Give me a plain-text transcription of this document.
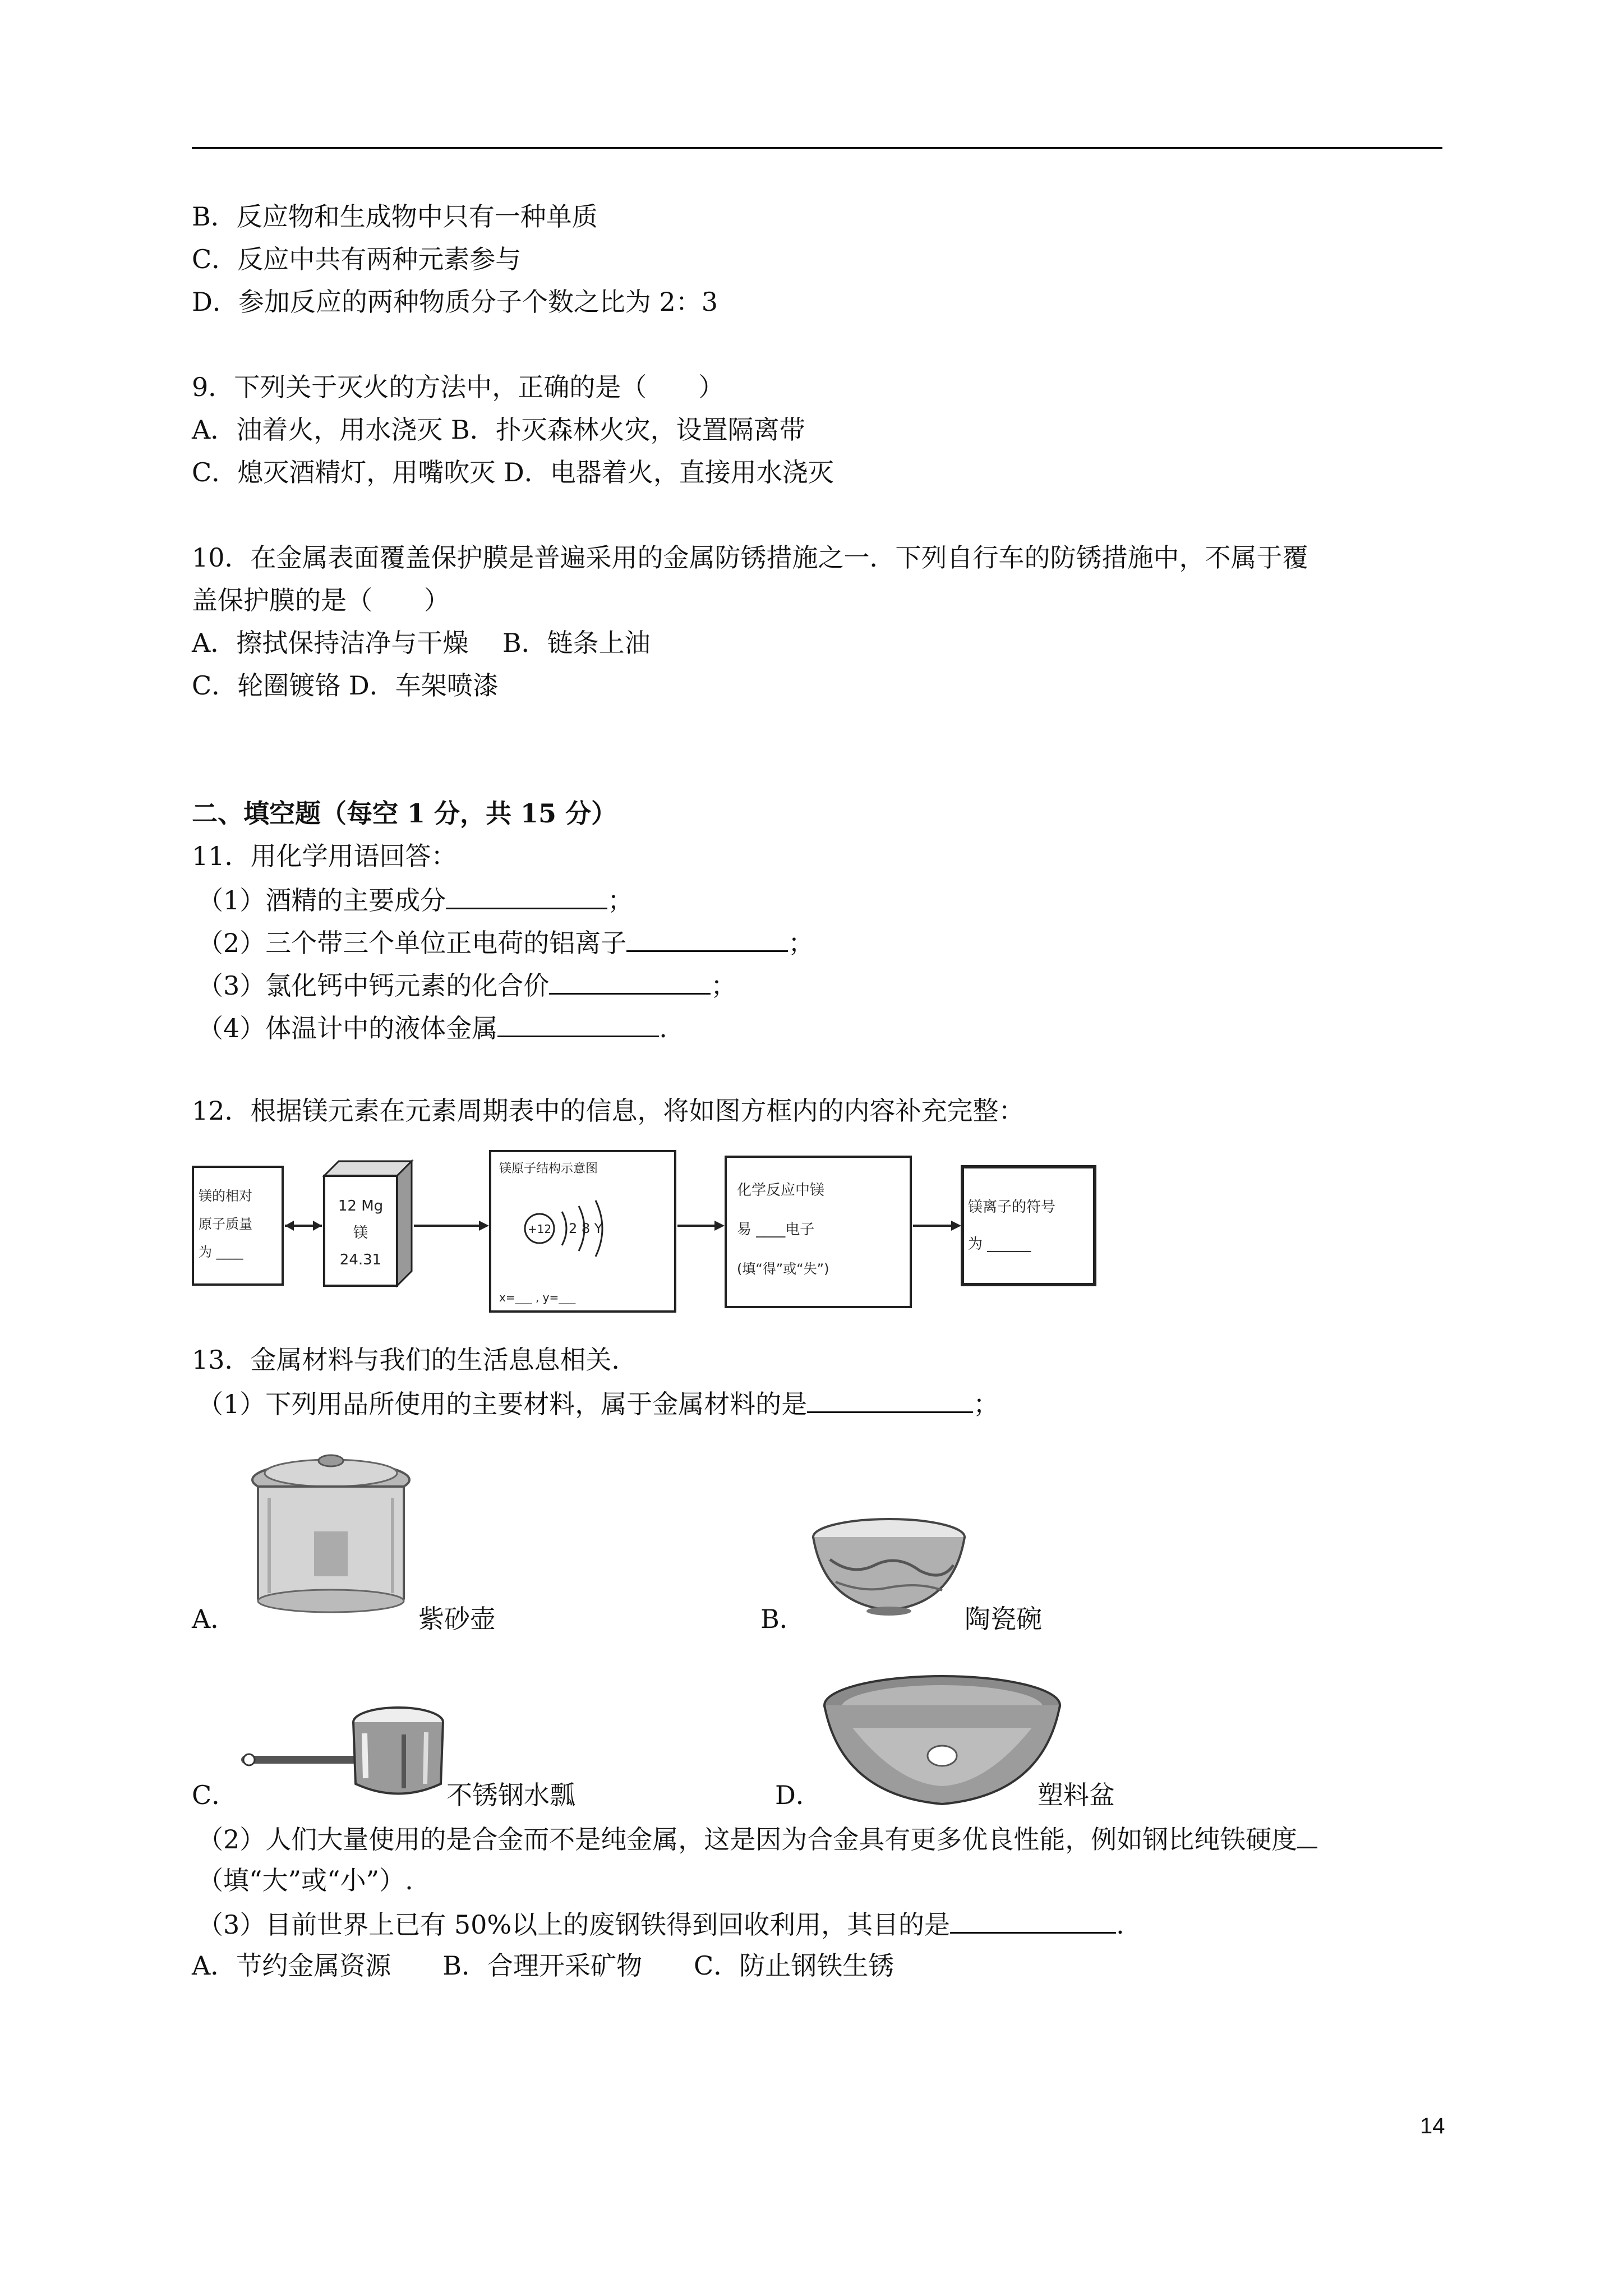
B．反应物和生成物中只有一种单质
C．反应中共有两种元素参与
D．参加反应的两种物质分子个数之比为 2：3
9．下列关于灭火的方法中，正确的是（　　）
A．油着火，用水浇灭 B．扑灭森林火灾，设置隔离带
C．熄灭酒精灯，用嘴吹灭 D．电器着火，直接用水浇灭
10．在金属表面覆盖保护膜是普遍采用的金属防锈措施之一．下列自行车的防锈措施中，不属于覆
盖保护膜的是（　　）
A．擦拭保持洁净与干燥　 B．链条上油
C．轮圈镀铬 D．车架喷漆
二、填空题（每空 1 分，共 15 分）
11．用化学用语回答：
（1）酒精的主要成分	；
（2）三个带三个单位正电荷的铝离子	；
（3）氯化钙中钙元素的化合价	；
（4）体温计中的液体金属	.
12．根据镁元素在元素周期表中的信息，将如图方框内的内容补充完整：
镁的相对
原子质量
为 ____
12 Mg
镁
24.31
镁原子结构示意图
+12 2 8 Y
x=___ , y=___
化学反应中镁
易 ____电子
(填“得”或“失”)
镁离子的符号
为 ______
13．金属材料与我们的生活息息相关．
（1）下列用品所使用的主要材料，属于金属材料的是	；
A．	紫砂壶	B．	陶瓷碗
C．	不锈钢水瓢	D．	塑料盆
（2）人们大量使用的是合金而不是纯金属，这是因为合金具有更多优良性能，例如钢比纯铁硬度
（填“大”或“小”）.
（3）目前世界上已有 50%以上的废钢铁得到回收利用，其目的是	.
A．节约金属资源　　B．合理开采矿物　　C．防止钢铁生锈
14
